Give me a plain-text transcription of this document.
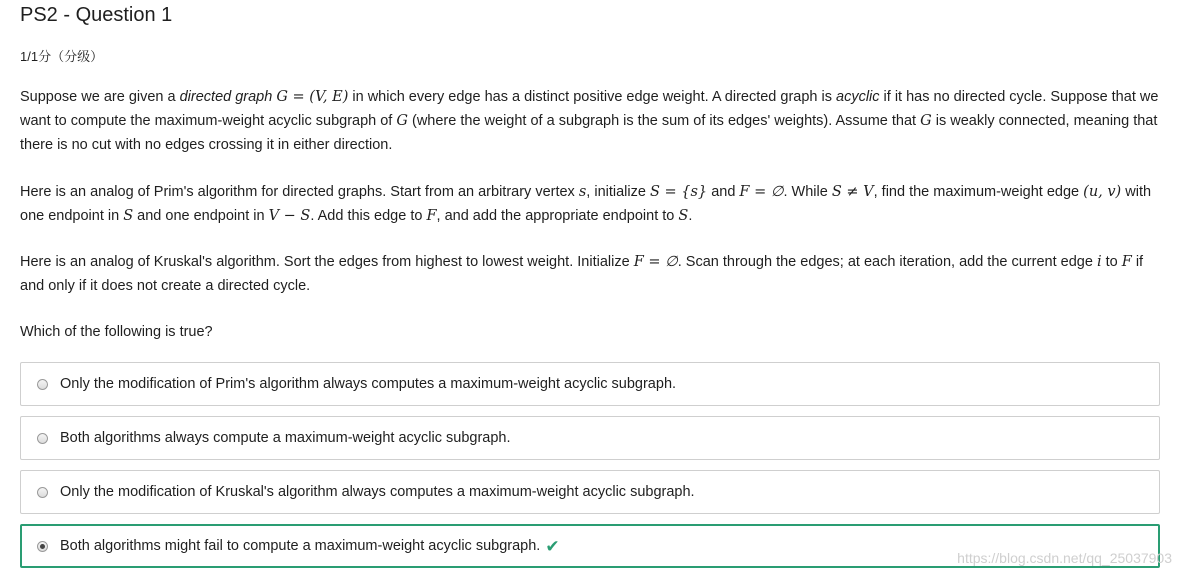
PS2 - Question 1
1/1分（分级）

Suppose we are given a directed graph G = (V, E) in which every edge has a distinct positive edge weight. A directed graph is acyclic if it has no directed cycle. Suppose that we want to compute the maximum-weight acyclic subgraph of G (where the weight of a subgraph is the sum of its edges' weights). Assume that G is weakly connected, meaning that there is no cut with no edges crossing it in either direction.

Here is an analog of Prim's algorithm for directed graphs. Start from an arbitrary vertex s, initialize S = {s} and F = ∅. While S ≠ V, find the maximum-weight edge (u, v) with one endpoint in S and one endpoint in V − S. Add this edge to F, and add the appropriate endpoint to S.

Here is an analog of Kruskal's algorithm. Sort the edges from highest to lowest weight. Initialize F = ∅. Scan through the edges; at each iteration, add the current edge i to F if and only if it does not create a directed cycle.

Which of the following is true?

Only the modification of Prim's algorithm always computes a maximum-weight acyclic subgraph.
Both algorithms always compute a maximum-weight acyclic subgraph.
Only the modification of Kruskal's algorithm always computes a maximum-weight acyclic subgraph.
Both algorithms might fail to compute a maximum-weight acyclic subgraph. ✔
https://blog.csdn.net/qq_25037903
